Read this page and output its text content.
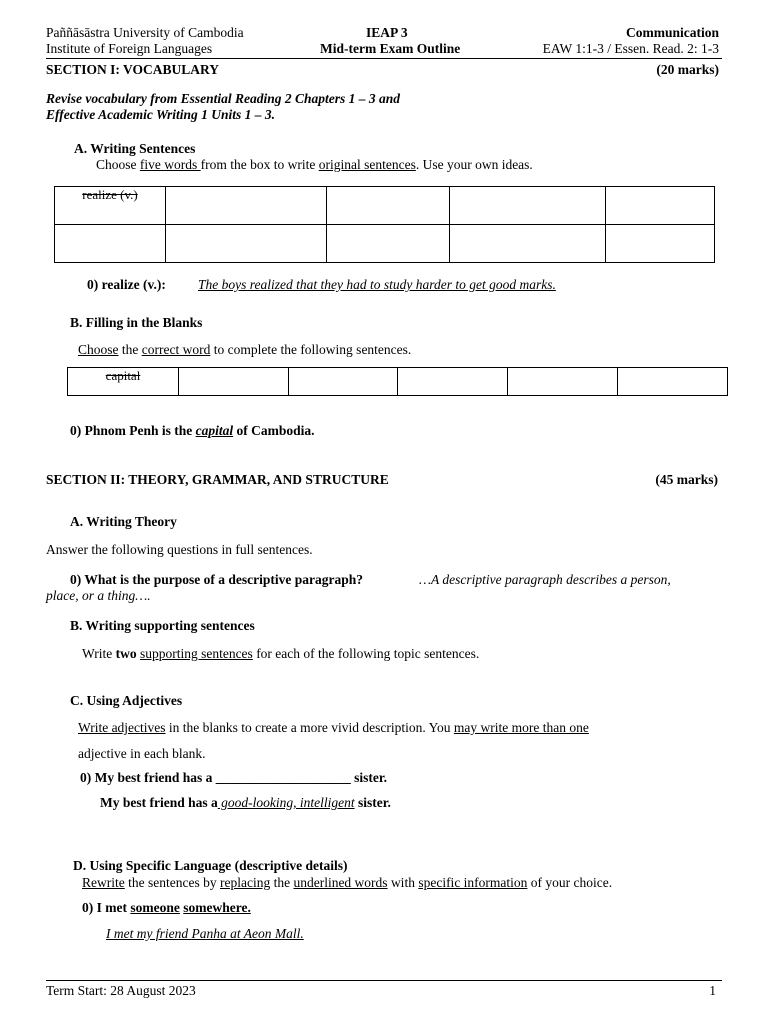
Paññāsāstra University of Cambodia
Institute of Foreign Languages
IEAP 3
Mid-term Exam Outline
Communication
EAW 1:1-3 / Essen. Read. 2: 1-3
SECTION I: VOCABULARY	(20 marks)
Revise vocabulary from Essential Reading 2 Chapters 1 – 3 and
Effective Academic Writing 1 Units 1 – 3.
A. Writing Sentences
Choose five words from the box to write original sentences. Use your own ideas.
realize (v.)				

0) realize (v.): The boys realized that they had to study harder to get good marks.
B. Filling in the Blanks
Choose the correct word to complete the following sentences.
capital					
0) Phnom Penh is the capital of Cambodia.
SECTION II: THEORY, GRAMMAR, AND STRUCTURE	(45 marks)
A. Writing Theory
Answer the following questions in full sentences.
0) What is the purpose of a descriptive paragraph?	…A descriptive paragraph describes a person,
place, or a thing….
B. Writing supporting sentences
Write two supporting sentences for each of the following topic sentences.
C. Using Adjectives
Write adjectives in the blanks to create a more vivid description. You may write more than one
adjective in each blank.
0) My best friend has a ____________________ sister.
My best friend has a good-looking, intelligent sister.
D. Using Specific Language (descriptive details)
Rewrite the sentences by replacing the underlined words with specific information of your choice.
0) I met someone somewhere.
I met my friend Panha at Aeon Mall.
Term Start: 28 August 2023	1
